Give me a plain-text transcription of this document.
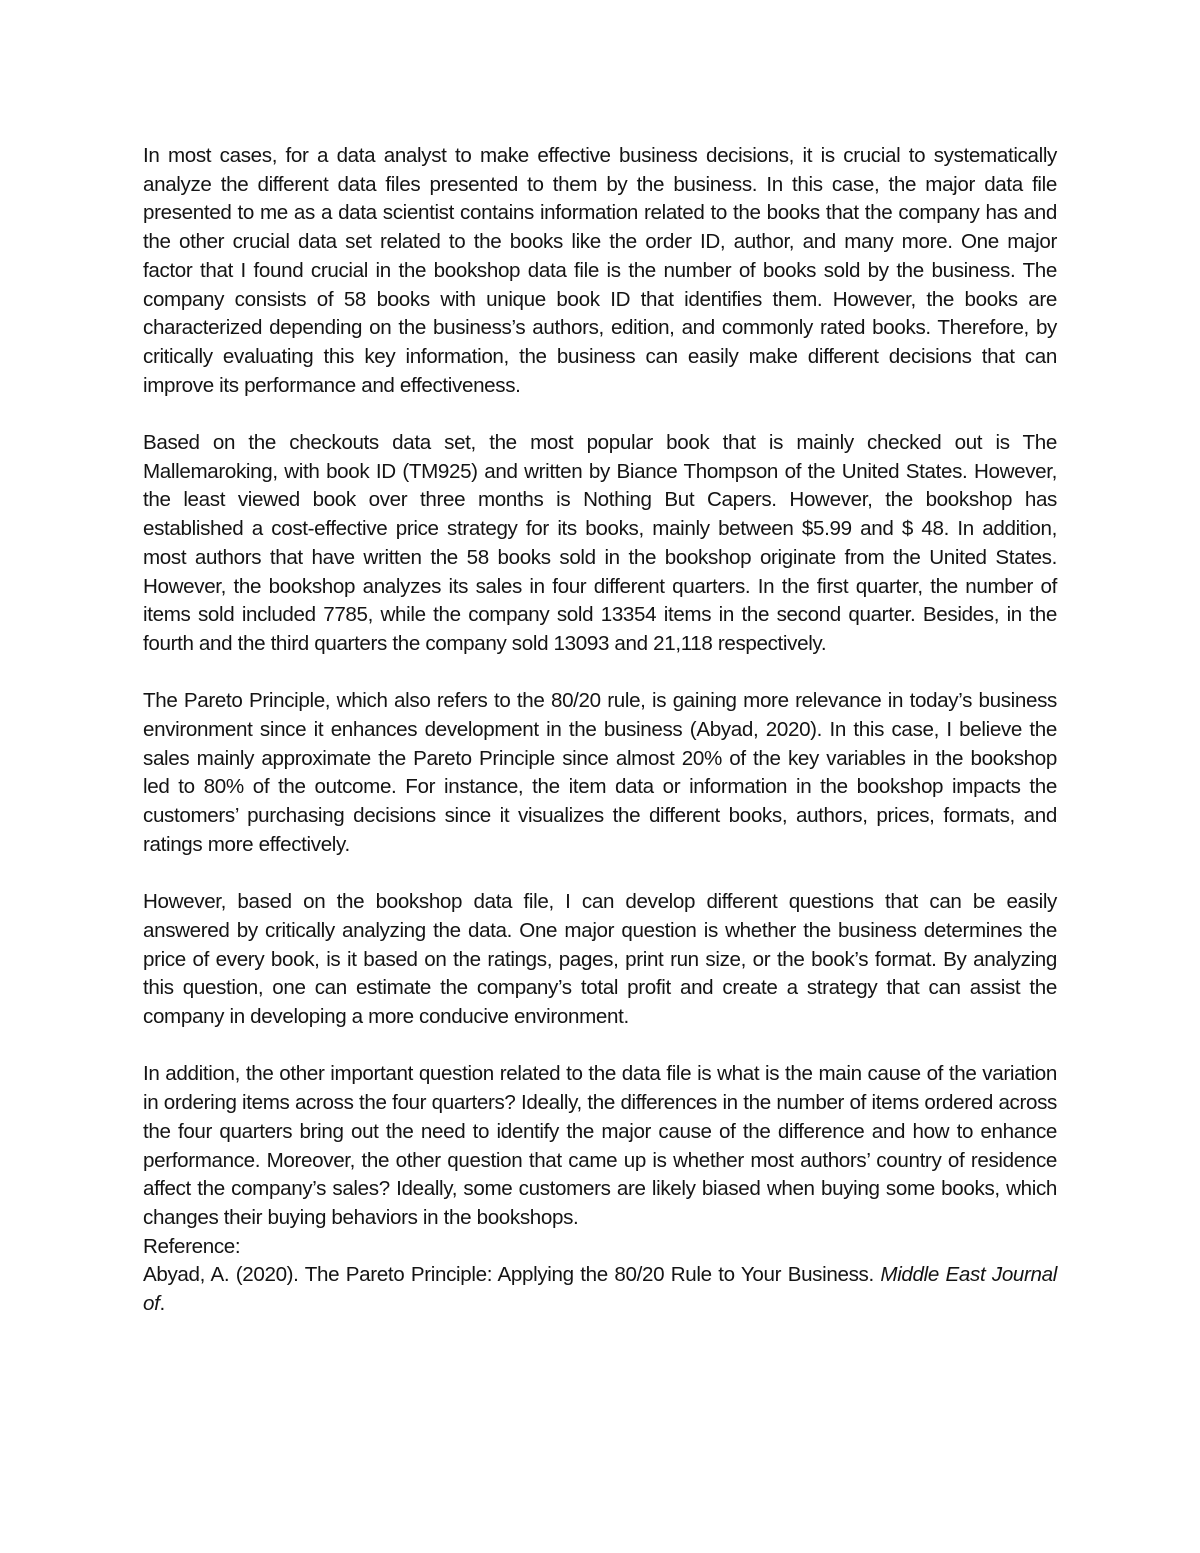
In most cases, for a data analyst to make effective business decisions, it is crucial to systematically analyze the different data files presented to them by the business. In this case, the major data file presented to me as a data scientist contains information related to the books that the company has and the other crucial data set related to the books like the order ID, author, and many more. One major factor that I found crucial in the bookshop data file is the number of books sold by the business. The company consists of 58 books with unique book ID that identifies them. However, the books are characterized depending on the business’s authors, edition, and commonly rated books. Therefore, by critically evaluating this key information, the business can easily make different decisions that can improve its performance and effectiveness.

Based on the checkouts data set, the most popular book that is mainly checked out is The Mallemaroking, with book ID (TM925) and written by Biance Thompson of the United States. However, the least viewed book over three months is Nothing But Capers. However, the bookshop has established a cost-effective price strategy for its books, mainly between $5.99 and $ 48. In addition, most authors that have written the 58 books sold in the bookshop originate from the United States. However, the bookshop analyzes its sales in four different quarters. In the first quarter, the number of items sold included 7785, while the company sold 13354 items in the second quarter. Besides, in the fourth and the third quarters the company sold 13093 and 21,118 respectively.

The Pareto Principle, which also refers to the 80/20 rule, is gaining more relevance in today’s business environment since it enhances development in the business (Abyad, 2020). In this case, I believe the sales mainly approximate the Pareto Principle since almost 20% of the key variables in the bookshop led to 80% of the outcome. For instance, the item data or information in the bookshop impacts the customers’ purchasing decisions since it visualizes the different books, authors, prices, formats, and ratings more effectively.

However, based on the bookshop data file, I can develop different questions that can be easily answered by critically analyzing the data. One major question is whether the business determines the price of every book, is it based on the ratings, pages, print run size, or the book’s format. By analyzing this question, one can estimate the company’s total profit and create a strategy that can assist the company in developing a more conducive environment.

In addition, the other important question related to the data file is what is the main cause of the variation in ordering items across the four quarters? Ideally, the differences in the number of items ordered across the four quarters bring out the need to identify the major cause of the difference and how to enhance performance. Moreover, the other question that came up is whether most authors’ country of residence affect the company’s sales? Ideally, some customers are likely biased when buying some books, which changes their buying behaviors in the bookshops.

Reference:

Abyad, A. (2020). The Pareto Principle: Applying the 80/20 Rule to Your Business. Middle East Journal of.
